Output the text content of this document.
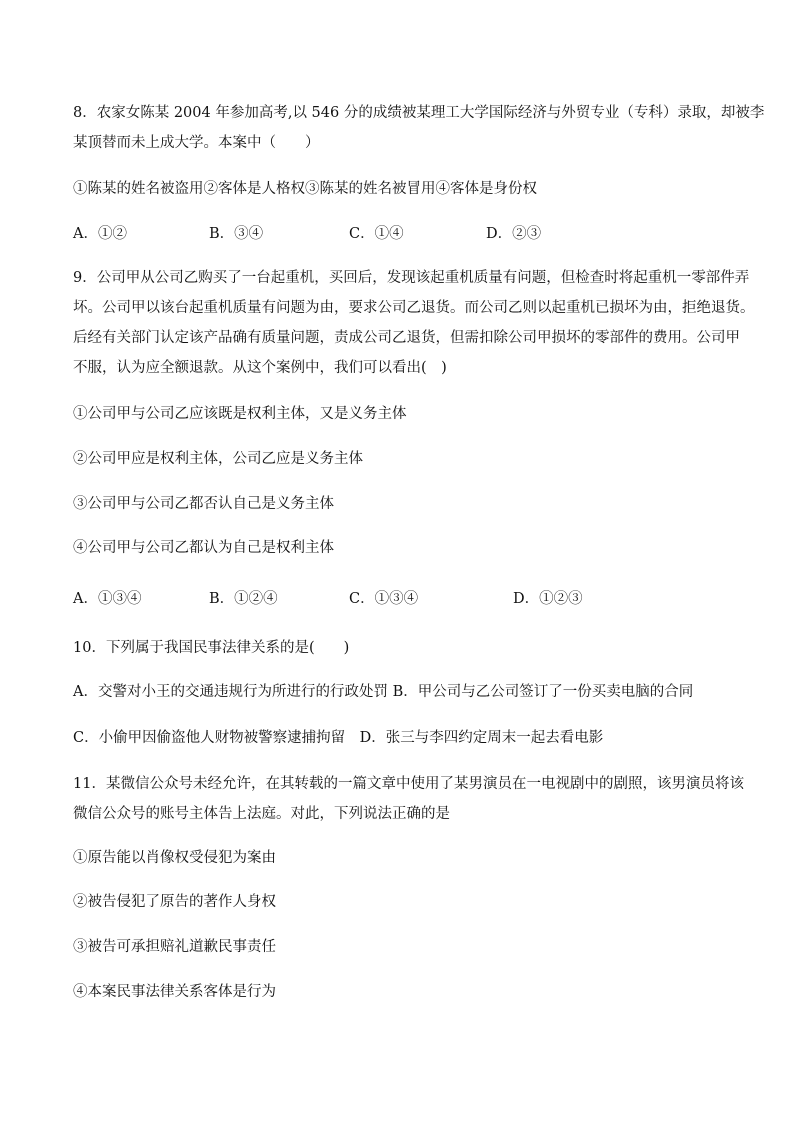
8．农家女陈某 2004 年参加高考,以 546 分的成绩被某理工大学国际经济与外贸专业（专科）录取，却被李
某顶替而未上成大学。本案中（　　）
①陈某的姓名被盗用②客体是人格权③陈某的姓名被冒用④客体是身份权
A．①②	B．③④	C．①④	D．②③
9．公司甲从公司乙购买了一台起重机，买回后，发现该起重机质量有问题，但检查时将起重机一零部件弄
坏。公司甲以该台起重机质量有问题为由，要求公司乙退货。而公司乙则以起重机已损坏为由，拒绝退货。
后经有关部门认定该产品确有质量问题，责成公司乙退货，但需扣除公司甲损坏的零部件的费用。公司甲
不服，认为应全额退款。从这个案例中，我们可以看出(　)
①公司甲与公司乙应该既是权利主体，又是义务主体
②公司甲应是权利主体，公司乙应是义务主体
③公司甲与公司乙都否认自己是义务主体
④公司甲与公司乙都认为自己是权利主体
A．①③④	B．①②④	C．①③④	D．①②③
10．下列属于我国民事法律关系的是(　　)
A．交警对小王的交通违规行为所进行的行政处罚 B．甲公司与乙公司签订了一份买卖电脑的合同
C．小偷甲因偷盗他人财物被警察逮捕拘留　D．张三与李四约定周末一起去看电影
11．某微信公众号未经允许，在其转载的一篇文章中使用了某男演员在一电视剧中的剧照，该男演员将该
微信公众号的账号主体告上法庭。对此，下列说法正确的是
①原告能以肖像权受侵犯为案由
②被告侵犯了原告的著作人身权
③被告可承担赔礼道歉民事责任
④本案民事法律关系客体是行为
